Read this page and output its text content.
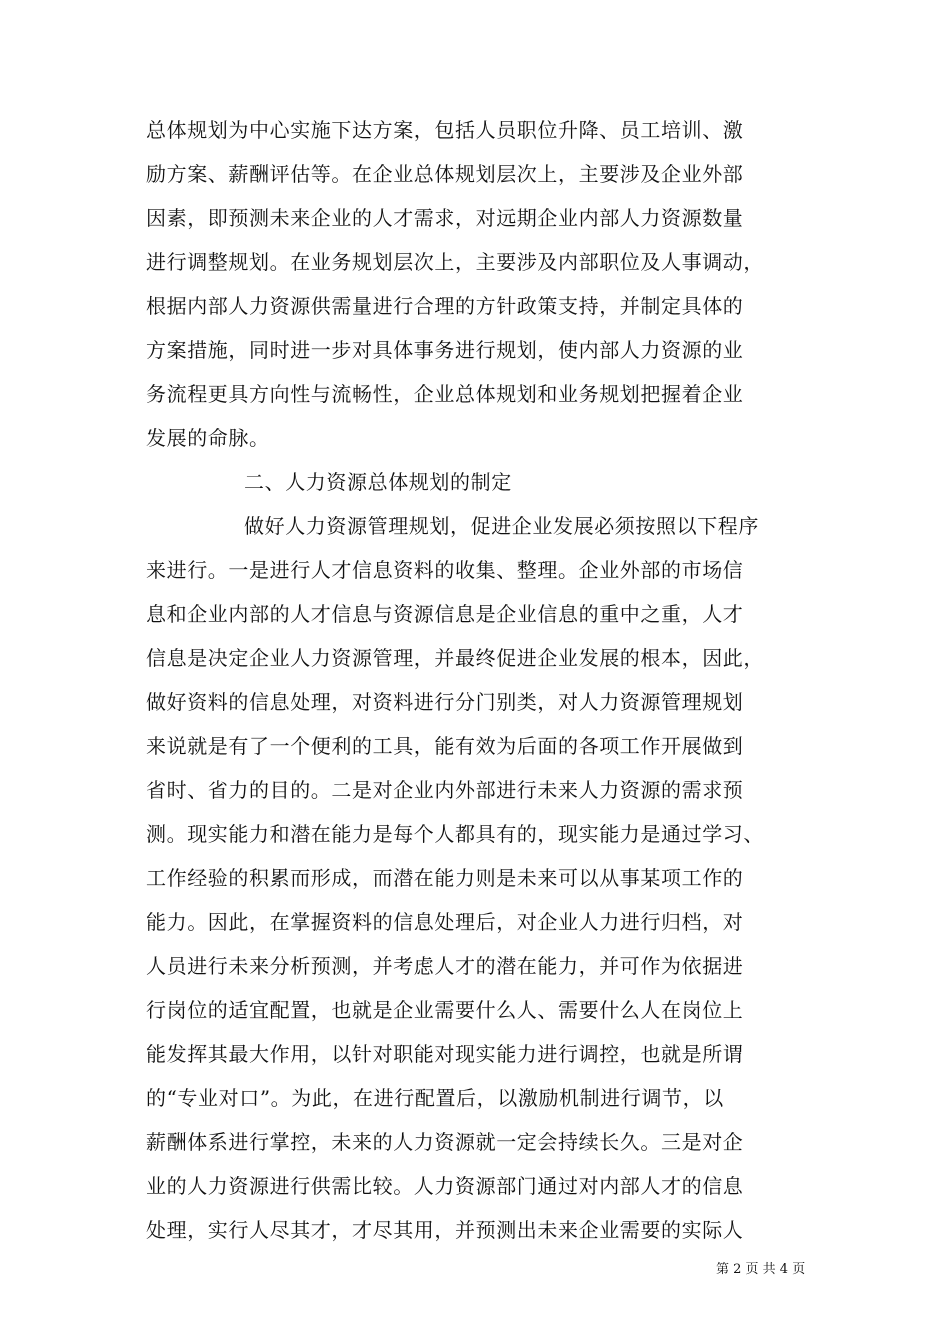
总体规划为中心实施下达方案，包括人员职位升降、员工培训、激
励方案、薪酬评估等。在企业总体规划层次上，主要涉及企业外部
因素，即预测未来企业的人才需求，对远期企业内部人力资源数量
进行调整规划。在业务规划层次上，主要涉及内部职位及人事调动，
根据内部人力资源供需量进行合理的方针政策支持，并制定具体的
方案措施，同时进一步对具体事务进行规划，使内部人力资源的业
务流程更具方向性与流畅性，企业总体规划和业务规划把握着企业
发展的命脉。
二、人力资源总体规划的制定
做好人力资源管理规划，促进企业发展必须按照以下程序
来进行。一是进行人才信息资料的收集、整理。企业外部的市场信
息和企业内部的人才信息与资源信息是企业信息的重中之重，人才
信息是决定企业人力资源管理，并最终促进企业发展的根本，因此，
做好资料的信息处理，对资料进行分门别类，对人力资源管理规划
来说就是有了一个便利的工具，能有效为后面的各项工作开展做到
省时、省力的目的。二是对企业内外部进行未来人力资源的需求预
测。现实能力和潜在能力是每个人都具有的，现实能力是通过学习、
工作经验的积累而形成，而潜在能力则是未来可以从事某项工作的
能力。因此，在掌握资料的信息处理后，对企业人力进行归档，对
人员进行未来分析预测，并考虑人才的潜在能力，并可作为依据进
行岗位的适宜配置，也就是企业需要什么人、需要什么人在岗位上
能发挥其最大作用，以针对职能对现实能力进行调控，也就是所谓
的“专业对口”。为此，在进行配置后，以激励机制进行调节，以
薪酬体系进行掌控，未来的人力资源就一定会持续长久。三是对企
业的人力资源进行供需比较。人力资源部门通过对内部人才的信息
处理，实行人尽其才，才尽其用，并预测出未来企业需要的实际人
第 2 页 共 4 页
